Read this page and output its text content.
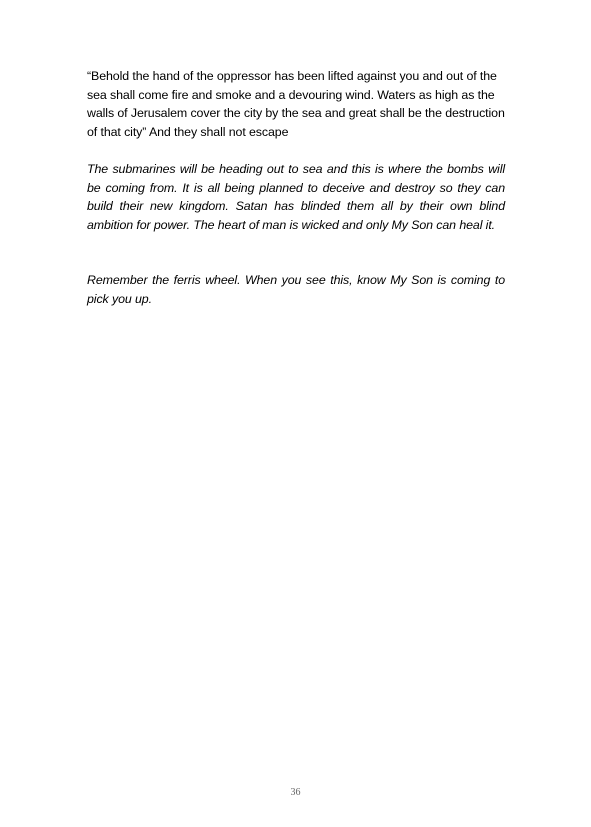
“Behold the hand of the oppressor has been lifted against you and out of the sea shall come fire and smoke and a devouring wind. Waters as high as the walls of Jerusalem cover the city by the sea and great shall be the destruction of that city” And they shall not escape

The submarines will be heading out to sea and this is where the bombs will be coming from. It is all being planned to deceive and destroy so they can build their new kingdom. Satan has blinded them all by their own blind ambition for power. The heart of man is wicked and only My Son can heal it.

Remember the ferris wheel. When you see this, know My Son is coming to pick you up.

36
